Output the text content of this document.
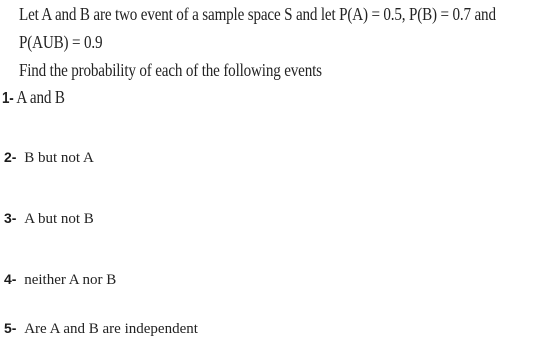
Let A and B are two event of a sample space S and let P(A) = 0.5, P(B) = 0.7 and
P(AUB) = 0.9
Find the probability of each of the following events
1- A and B
2- B but not A
3- A but not B
4- neither A nor B
5- Are A and B are independent
